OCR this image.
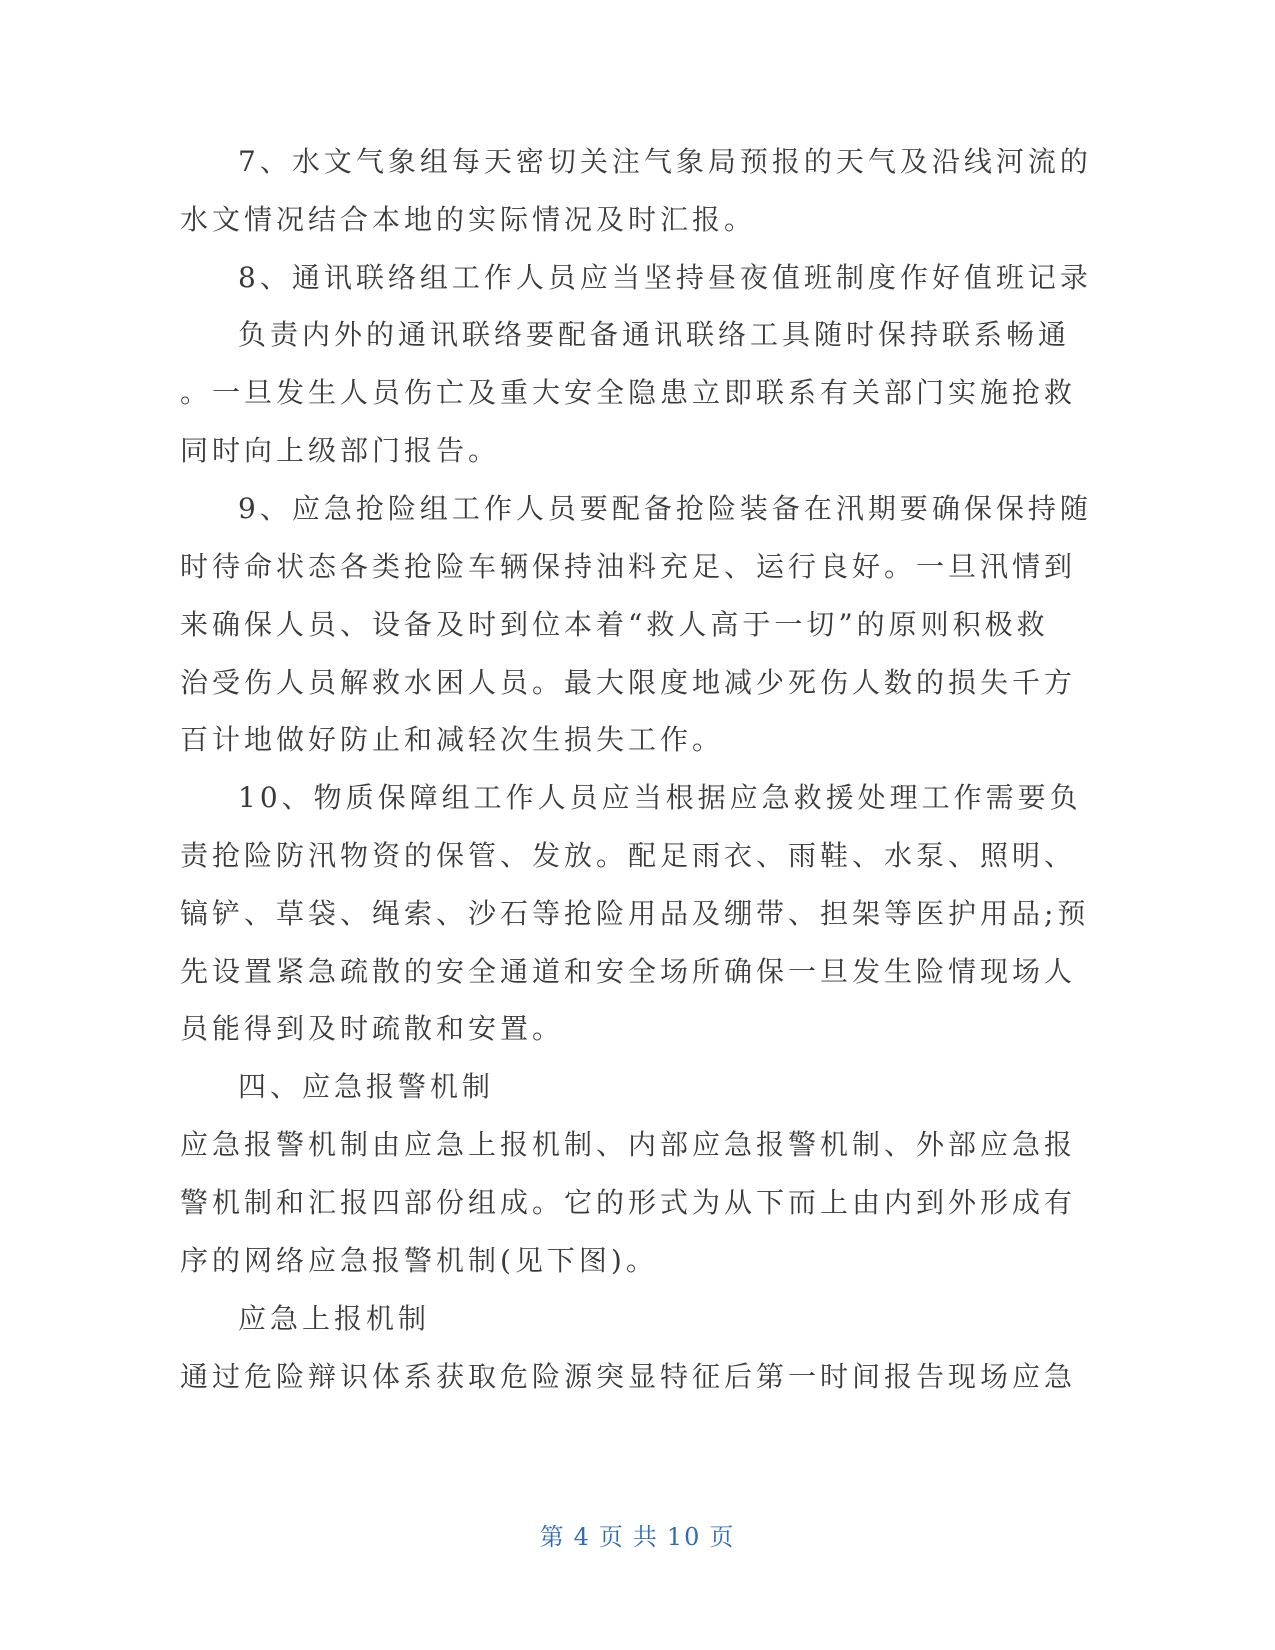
7、水文气象组每天密切关注气象局预报的天气及沿线河流的
水文情况结合本地的实际情况及时汇报。
8、通讯联络组工作人员应当坚持昼夜值班制度作好值班记录
负责内外的通讯联络要配备通讯联络工具随时保持联系畅通
。一旦发生人员伤亡及重大安全隐患立即联系有关部门实施抢救
同时向上级部门报告。
9、应急抢险组工作人员要配备抢险装备在汛期要确保保持随
时待命状态各类抢险车辆保持油料充足、运行良好。一旦汛情到
来确保人员、设备及时到位本着“救人高于一切”的原则积极救
治受伤人员解救水困人员。最大限度地减少死伤人数的损失千方
百计地做好防止和减轻次生损失工作。
10、物质保障组工作人员应当根据应急救援处理工作需要负
责抢险防汛物资的保管、发放。配足雨衣、雨鞋、水泵、照明、
镐铲、草袋、绳索、沙石等抢险用品及绷带、担架等医护用品;预
先设置紧急疏散的安全通道和安全场所确保一旦发生险情现场人
员能得到及时疏散和安置。
四、应急报警机制
应急报警机制由应急上报机制、内部应急报警机制、外部应急报
警机制和汇报四部份组成。它的形式为从下而上由内到外形成有
序的网络应急报警机制(见下图)。
应急上报机制
通过危险辩识体系获取危险源突显特征后第一时间报告现场应急
第 4 页 共 10 页
